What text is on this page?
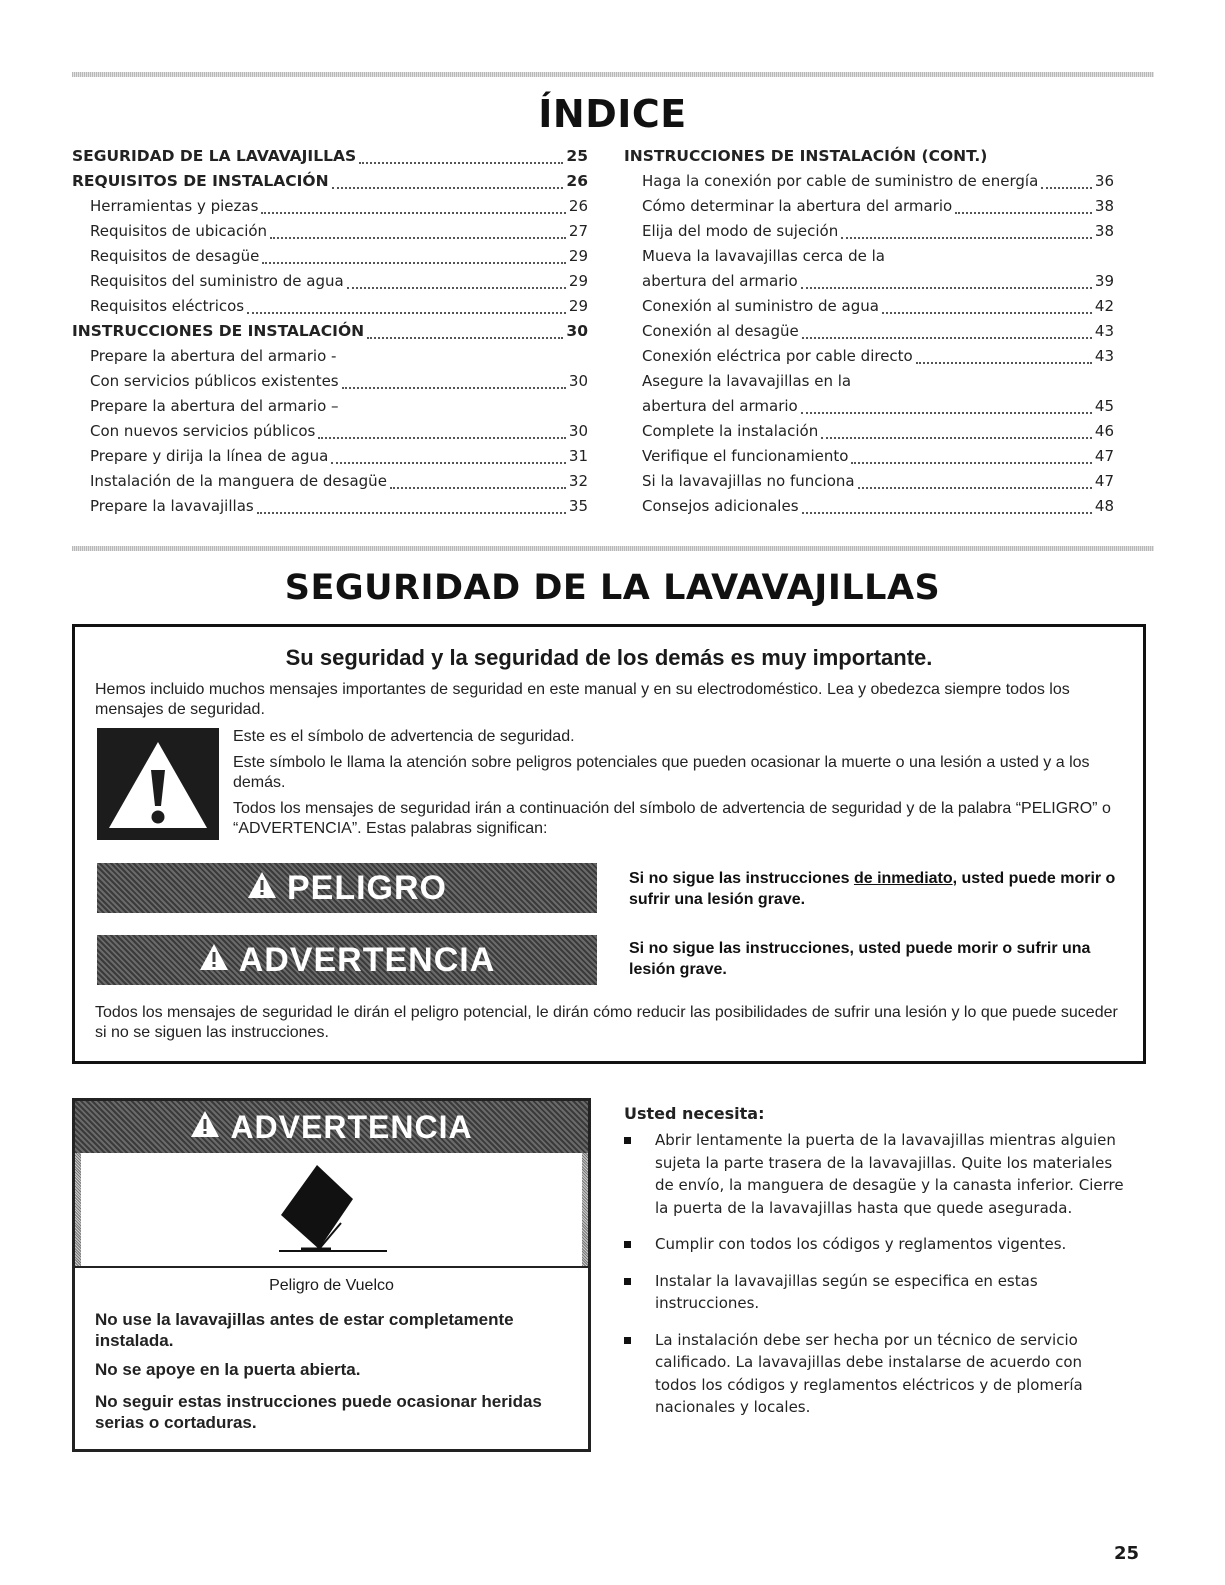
ÍNDICE
SEGURIDAD DE LA LAVAVAJILLAS	25
REQUISITOS DE INSTALACIÓN	26
Herramientas y piezas	26
Requisitos de ubicación	27
Requisitos de desagüe	29
Requisitos del suministro de agua	29
Requisitos eléctricos	29
INSTRUCCIONES DE INSTALACIÓN	30
Prepare la abertura del armario -
Con servicios públicos existentes	30
Prepare la abertura del armario –
Con nuevos servicios públicos	30
Prepare y dirija la línea de agua	31
Instalación de la manguera de desagüe	32
Prepare la lavavajillas	35
INSTRUCCIONES DE INSTALACIÓN (CONT.)
Haga la conexión por cable de suministro de energía	36
Cómo determinar la abertura del armario	38
Elija del modo de sujeción	38
Mueva la lavavajillas cerca de la
abertura del armario	39
Conexión al suministro de agua	42
Conexión al desagüe	43
Conexión eléctrica por cable directo	43
Asegure la lavavajillas en la
abertura del armario	45
Complete la instalación	46
Verifique el funcionamiento	47
Si la lavavajillas no funciona	47
Consejos adicionales	48
SEGURIDAD DE LA LAVAVAJILLAS
Su seguridad y la seguridad de los demás es muy importante.
Hemos incluido muchos mensajes importantes de seguridad en este manual y en su electrodoméstico. Lea y obedezca siempre todos los mensajes de seguridad.
Este es el símbolo de advertencia de seguridad.
Este símbolo le llama la atención sobre peligros potenciales que pueden ocasionar la muerte o una lesión a usted y a los demás.
Todos los mensajes de seguridad irán a continuación del símbolo de advertencia de seguridad y de la palabra “PELIGRO” o “ADVERTENCIA”. Estas palabras significan:
PELIGRO	Si no sigue las instrucciones de inmediato, usted puede morir o sufrir una lesión grave.
ADVERTENCIA	Si no sigue las instrucciones, usted puede morir o sufrir una lesión grave.
Todos los mensajes de seguridad le dirán el peligro potencial, le dirán cómo reducir las posibilidades de sufrir una lesión y lo que puede suceder si no se siguen las instrucciones.
ADVERTENCIA
Peligro de Vuelco
No use la lavavajillas antes de estar completamente instalada.
No se apoye en la puerta abierta.
No seguir estas instrucciones puede ocasionar heridas serias o cortaduras.
Usted necesita:
Abrir lentamente la puerta de la lavavajillas mientras alguien sujeta la parte trasera de la lavavajillas. Quite los materiales de envío, la manguera de desagüe y la canasta inferior. Cierre la puerta de la lavavajillas hasta que quede asegurada.
Cumplir con todos los códigos y reglamentos vigentes.
Instalar la lavavajillas según se especifica en estas instrucciones.
La instalación debe ser hecha por un técnico de servicio calificado. La lavavajillas debe instalarse de acuerdo con todos los códigos y reglamentos eléctricos y de plomería nacionales y locales.
25
